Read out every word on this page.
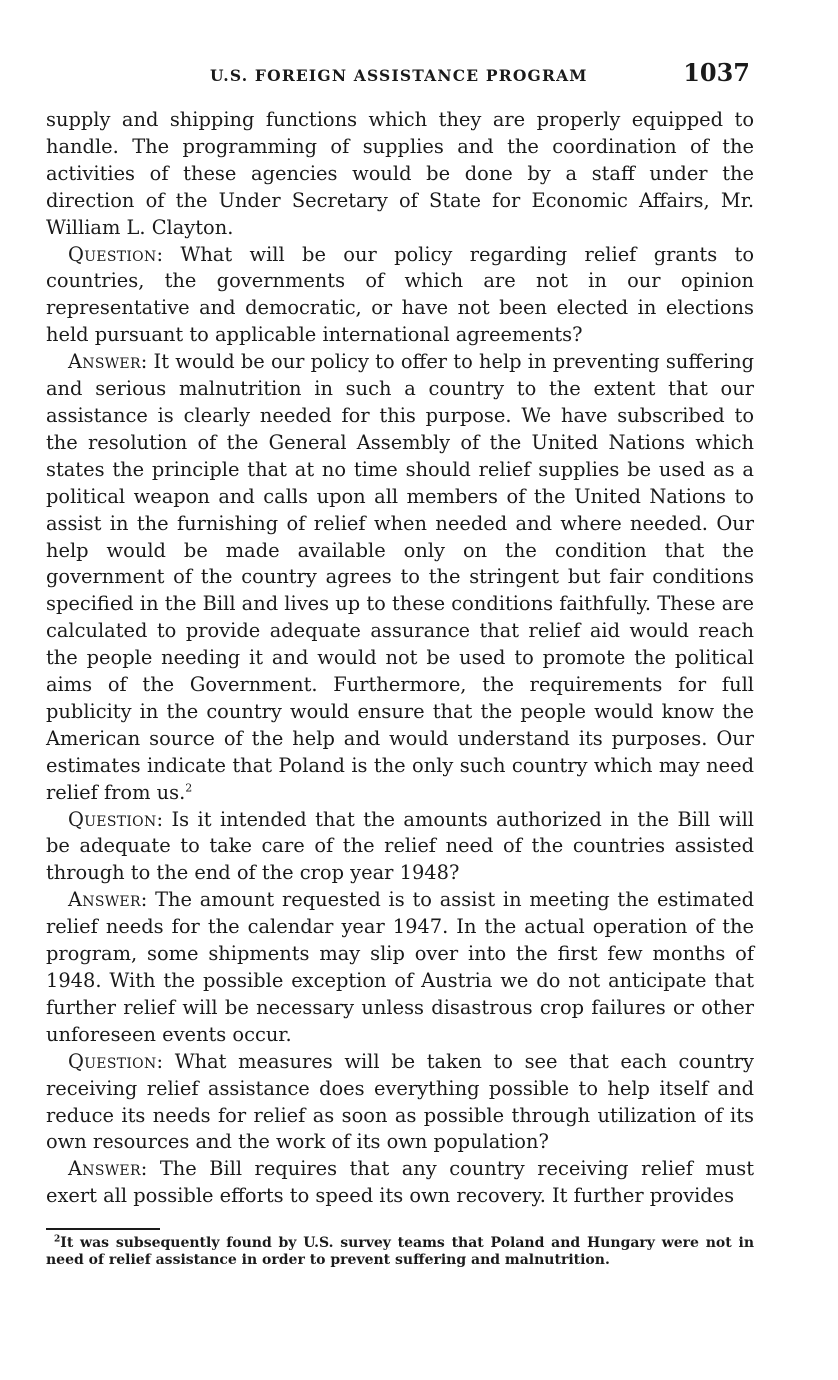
U.S. FOREIGN ASSISTANCE PROGRAM	1037

supply and shipping functions which they are properly equipped to handle. The programming of supplies and the coordination of the activities of these agencies would be done by a staff under the direction of the Under Secretary of State for Economic Affairs, Mr. William L. Clayton.

Question: What will be our policy regarding relief grants to countries, the governments of which are not in our opinion representative and democratic, or have not been elected in elections held pursuant to applicable international agreements?

Answer: It would be our policy to offer to help in preventing suffering and serious malnutrition in such a country to the extent that our assistance is clearly needed for this purpose. We have subscribed to the resolution of the General Assembly of the United Nations which states the principle that at no time should relief supplies be used as a political weapon and calls upon all members of the United Nations to assist in the furnishing of relief when needed and where needed. Our help would be made available only on the condition that the government of the country agrees to the stringent but fair conditions specified in the Bill and lives up to these conditions faithfully. These are calculated to provide adequate assurance that relief aid would reach the people needing it and would not be used to promote the political aims of the Government. Furthermore, the requirements for full publicity in the country would ensure that the people would know the American source of the help and would understand its purposes. Our estimates indicate that Poland is the only such country which may need relief from us.$^2$

Question: Is it intended that the amounts authorized in the Bill will be adequate to take care of the relief need of the countries assisted through to the end of the crop year 1948?

Answer: The amount requested is to assist in meeting the estimated relief needs for the calendar year 1947. In the actual operation of the program, some shipments may slip over into the first few months of 1948. With the possible exception of Austria we do not anticipate that further relief will be necessary unless disastrous crop failures or other unforeseen events occur.

Question: What measures will be taken to see that each country receiving relief assistance does everything possible to help itself and reduce its needs for relief as soon as possible through utilization of its own resources and the work of its own population?

Answer: The Bill requires that any country receiving relief must exert all possible efforts to speed its own recovery. It further provides

$^2$It was subsequently found by U.S. survey teams that Poland and Hungary were not in need of relief assistance in order to prevent suffering and malnutrition.
